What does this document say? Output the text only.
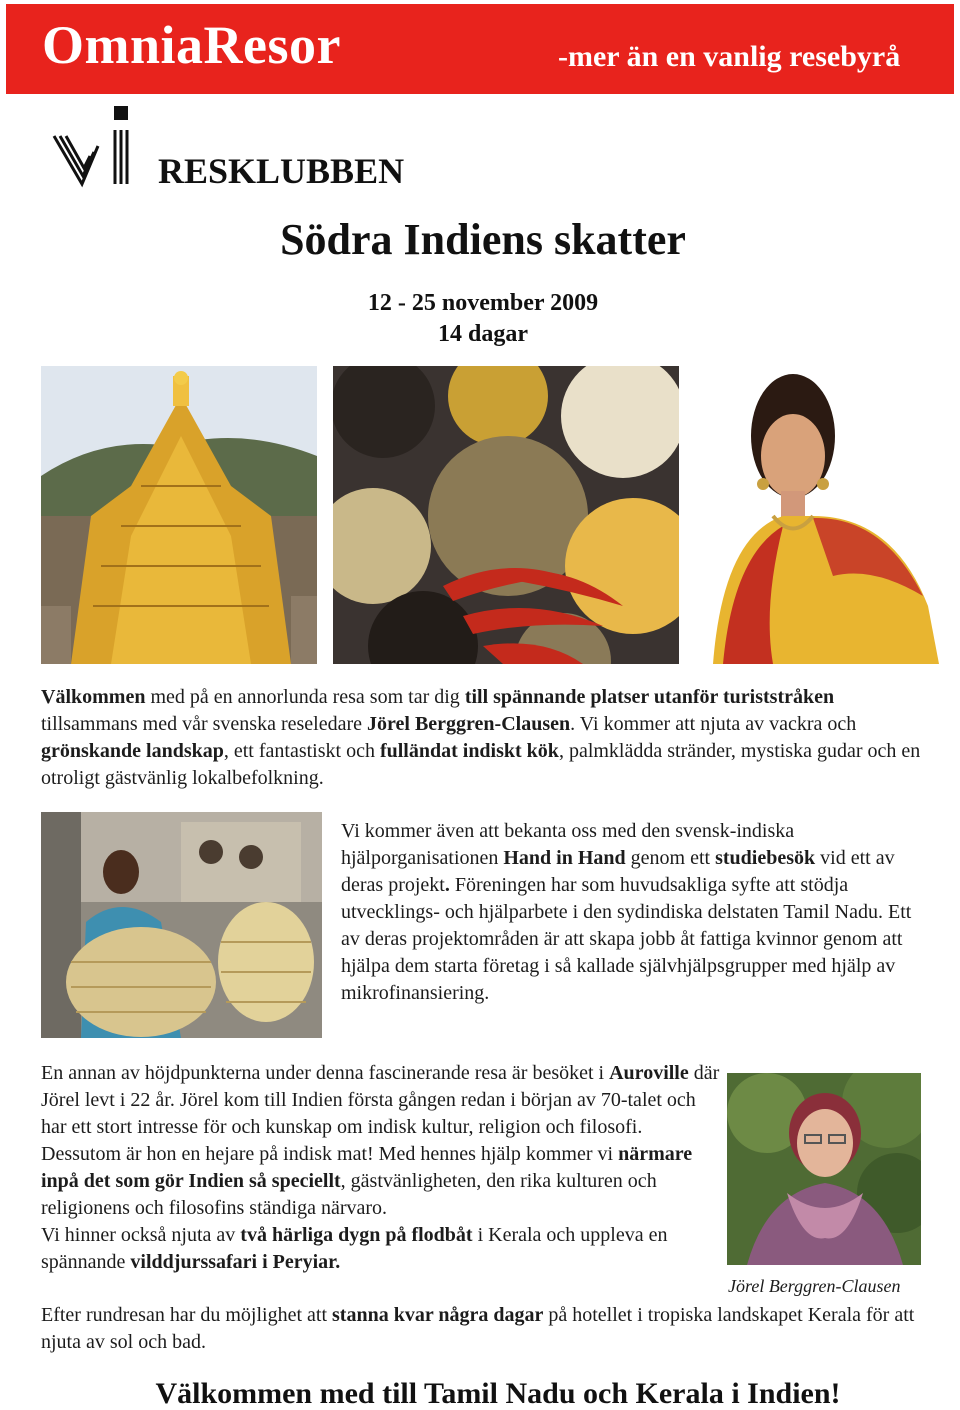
OmniaResor	-mer än en vanlig resebyrå
RESKLUBBEN
Södra Indiens skatter
12 - 25 november 2009
14 dagar
Välkommen med på en annorlunda resa som tar dig till spännande platser utanför turiststråken tillsammans med vår svenska reseledare Jörel Berggren-Clausen. Vi kommer att njuta av vackra och grönskande landskap, ett fantastiskt och fulländat indiskt kök, palmklädda stränder, mystiska gudar och en otroligt gästvänlig lokalbefolkning.
Vi kommer även att bekanta oss med den svensk-indiska hjälporganisationen Hand in Hand genom ett studiebesök vid ett av deras projekt. Föreningen har som huvudsakliga syfte att stödja utvecklings- och hjälparbete i den sydindiska delstaten Tamil Nadu. Ett av deras projektområden är att skapa jobb åt fattiga kvinnor genom att hjälpa dem starta företag i så kallade självhjälpsgrupper med hjälp av mikrofinansiering.
En annan av höjdpunkterna under denna fascinerande resa är besöket i Auroville där Jörel levt i 22 år. Jörel kom till Indien första gången redan i början av 70-talet och har ett stort intresse för och kunskap om indisk kultur, religion och filosofi. Dessutom är hon en hejare på indisk mat! Med hennes hjälp kommer vi närmare inpå det som gör Indien så speciellt, gästvänligheten, den rika kulturen och religionens och filosofins ständiga närvaro.
Vi hinner också njuta av två härliga dygn på flodbåt i Kerala och uppleva en spännande vilddjurssafari i Peryiar.
Jörel Berggren-Clausen
Efter rundresan har du möjlighet att stanna kvar några dagar på hotellet i tropiska landskapet Kerala för att njuta av sol och bad.
Välkommen med till Tamil Nadu och Kerala i Indien!
